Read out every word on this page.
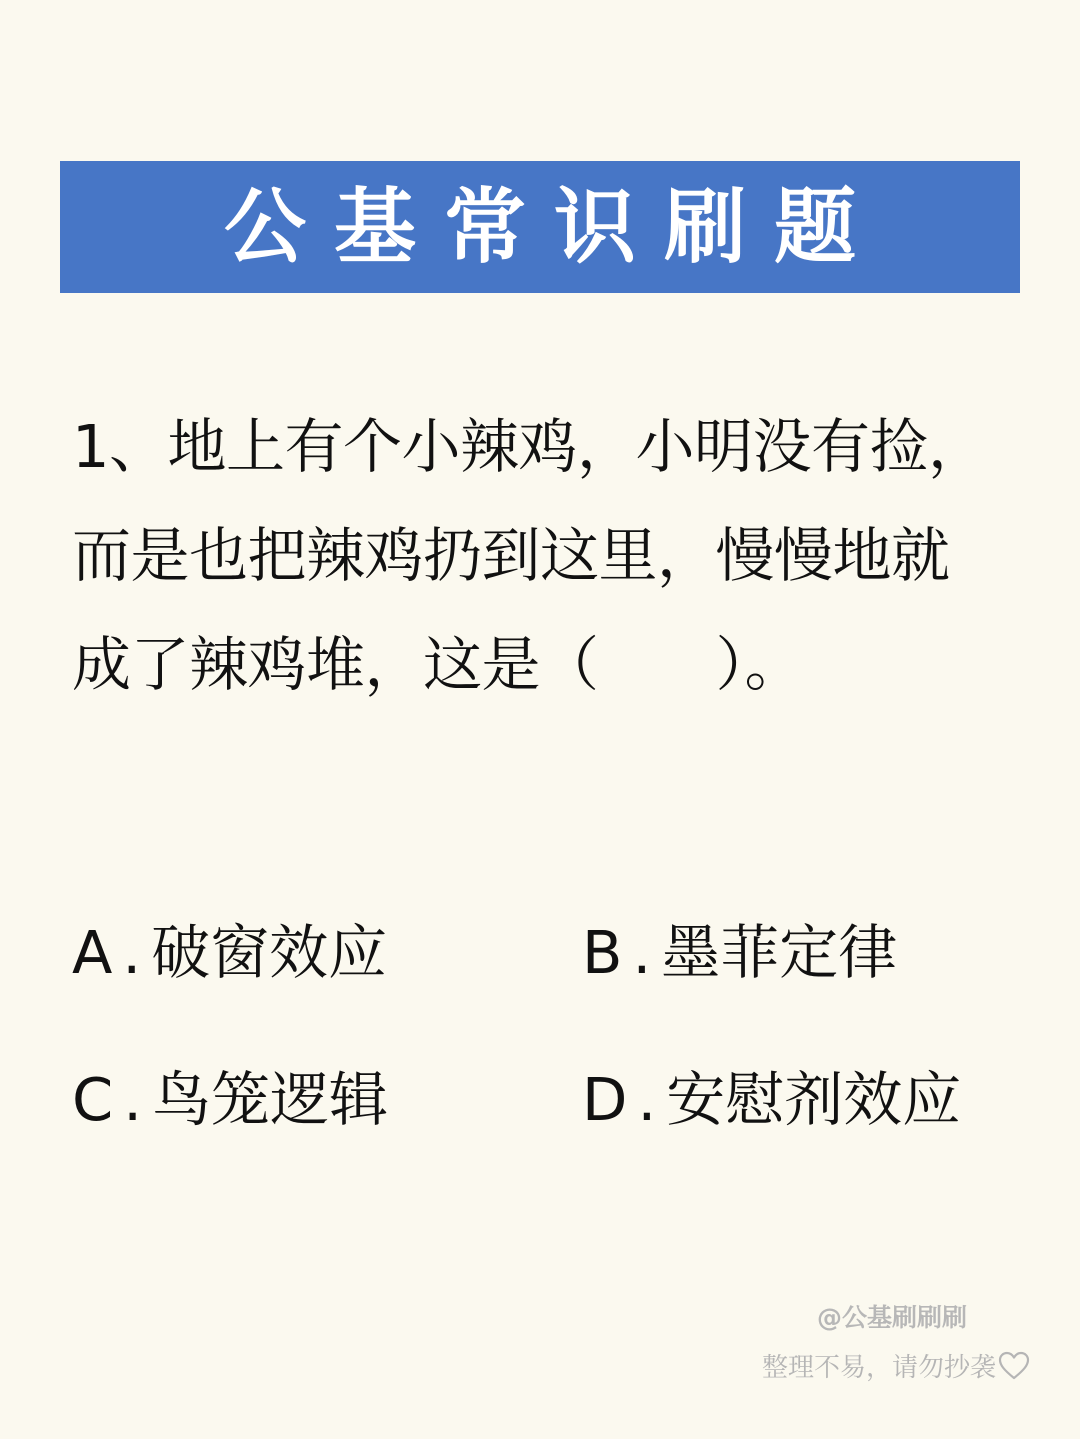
公基常识刷题
1、地上有个小辣鸡，小明没有捡，
而是也把辣鸡扔到这里，慢慢地就
成了辣鸡堆，这是（　　）。
A . 破窗效应	B . 墨菲定律
C . 鸟笼逻辑	D . 安慰剂效应
@公基刷刷刷
整理不易，请勿抄袭
